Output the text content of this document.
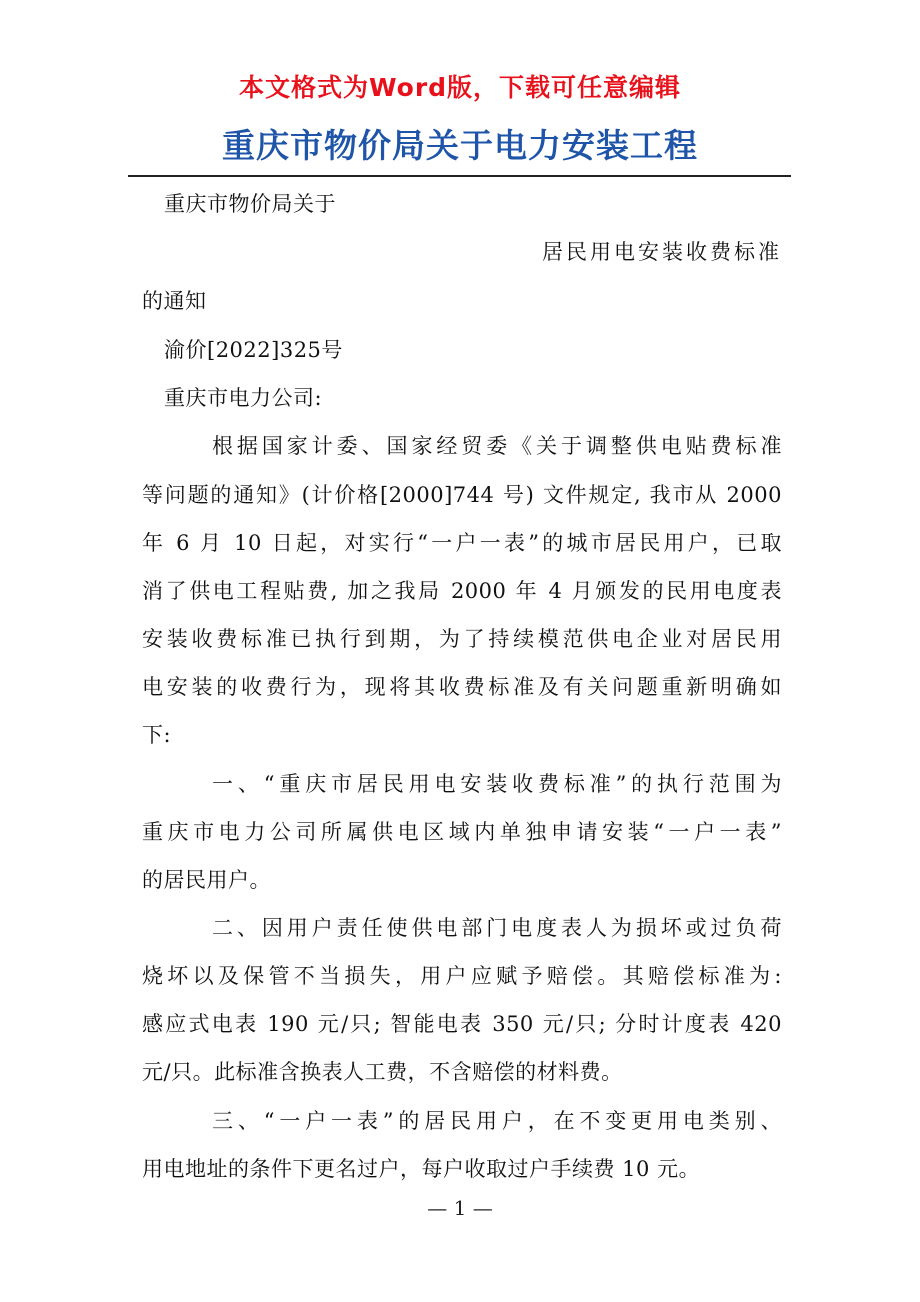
本文格式为Word版，下载可任意编辑
重庆市物价局关于电力安装工程
重庆市物价局关于
居民用电安装收费标准
的通知
渝价[2022]325号
重庆市电力公司:
根据国家计委、国家经贸委《关于调整供电贴费标准
等问题的通知》(计价格[2000]744 号) 文件规定, 我市从 2000
年 6 月 10 日起，对实行“一户一表”的城市居民用户，已取
消了供电工程贴费, 加之我局 2000 年 4 月颁发的民用电度表
安装收费标准已执行到期，为了持续模范供电企业对居民用
电安装的收费行为，现将其收费标准及有关问题重新明确如
下:
一、“重庆市居民用电安装收费标准”的执行范围为
重庆市电力公司所属供电区域内单独申请安装“一户一表”
的居民用户。
二、因用户责任使供电部门电度表人为损坏或过负荷
烧坏以及保管不当损失，用户应赋予赔偿。其赔偿标准为:
感应式电表 190 元/只; 智能电表 350 元/只; 分时计度表 420
元/只。此标准含换表人工费，不含赔偿的材料费。
三、“一户一表”的居民用户，在不变更用电类别、
用电地址的条件下更名过户，每户收取过户手续费 10 元。
— 1 —
